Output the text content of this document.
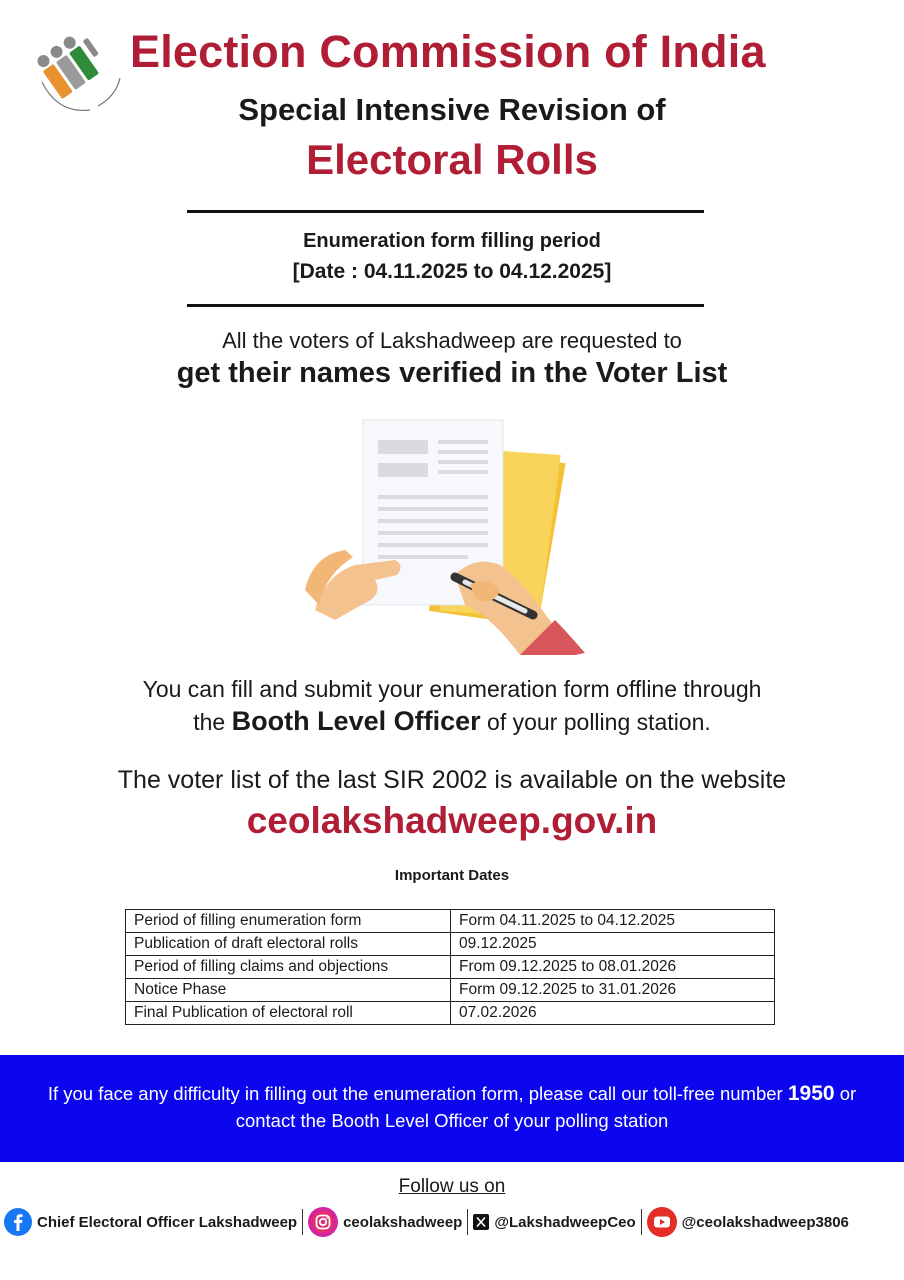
Election Commission of India
Special Intensive Revision of
Electoral Rolls
Enumeration form filling period
[Date : 04.11.2025 to 04.12.2025]
All the voters of Lakshadweep are requested to
get their names verified in the Voter List
You can fill and submit your enumeration form offline through
the Booth Level Officer of your polling station.
The voter list of the last SIR 2002 is available on the website
ceolakshadweep.gov.in
Important Dates
Period of filling enumeration form	Form 04.11.2025 to 04.12.2025
Publication of draft electoral rolls	09.12.2025
Period of filling claims and objections	From 09.12.2025 to 08.01.2026
Notice Phase	Form 09.12.2025 to 31.01.2026
Final Publication of electoral roll	07.02.2026
If you face any difficulty in filling out the enumeration form, please call our toll-free number 1950 or
contact the Booth Level Officer of your polling station
Follow us on
Chief Electoral Officer Lakshadweep	ceolakshadweep @LakshadweepCeo	@ceolakshadweep3806
